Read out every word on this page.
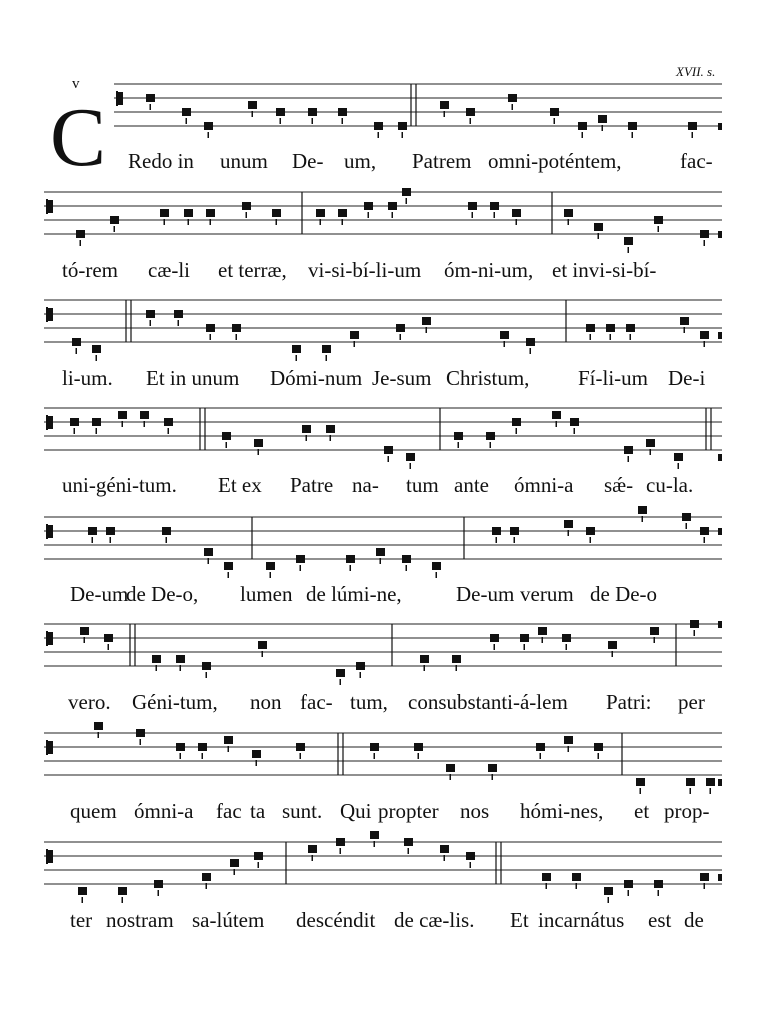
XVII. s.
v
C Redo in unum De- um, Patrem omni-poténtem,	fac-
tó-rem cæ-li et terræ, vi-si-bí-li-um óm-ni-um, et invi-si-bí-
li-um. Et in unum Dómi-num Je-sum Christum, Fí-li-um De-i
uni-géni-tum. Et ex Patre na- tum ante ómni-a sǽ- cu-la.
De-um
de De-o, lumen de lúmi-ne,	De-um verum de De-o
vero. Géni-tum, non fac- tum, consubstanti-á-lem Patri: per
quem ómni-a fac ta sunt. Qui propter nos hómi-nes, et prop-
ter nostram sa-lútem descéndit de cæ-lis. Et incarnátus est de
